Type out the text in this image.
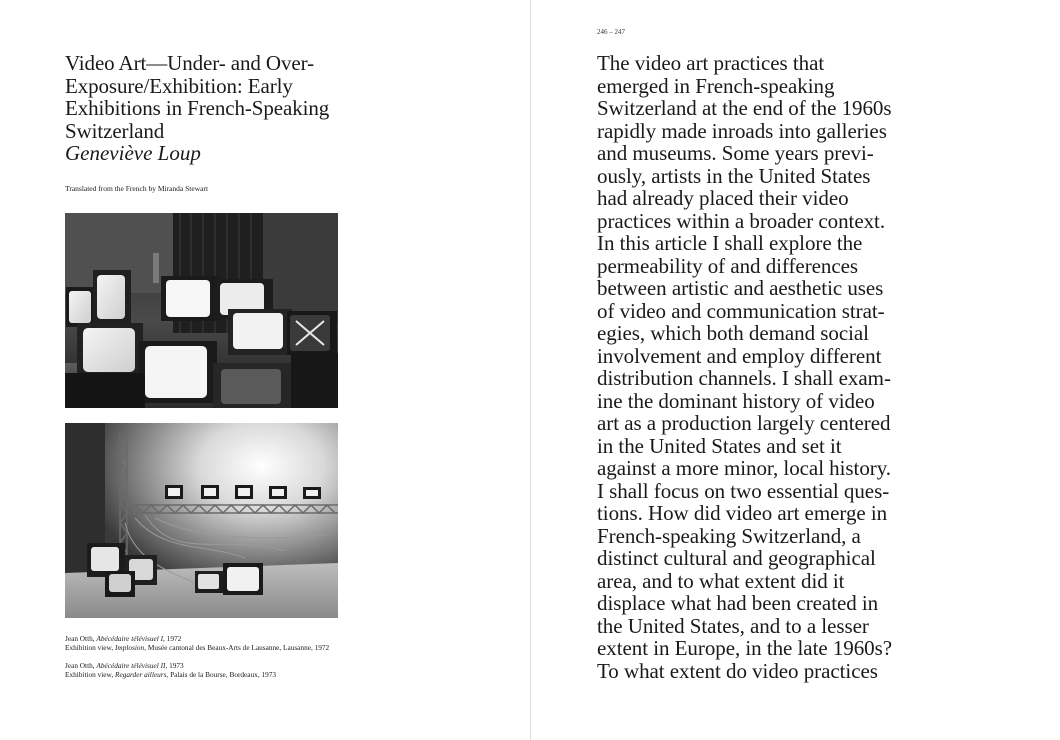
Video Art—Under- and Over-
Exposure/Exhibition: Early
Exhibitions in French-Speaking
Switzerland

Geneviève Loup

Translated from the French by Miranda Stewart

Jean Otth, Abécédaire télévisuel I, 1972
Exhibition view, Implosion, Musée cantonal des Beaux-Arts de Lausanne, Lausanne, 1972

Jean Otth, Abécédaire télévisuel II, 1973
Exhibition view, Regarder ailleurs, Palais de la Bourse, Bordeaux, 1973

246 – 247

The video art practices that
emerged in French-speaking
Switzerland at the end of the 1960s
rapidly made inroads into galleries
and museums. Some years previ-
ously, artists in the United States
had already placed their video
practices within a broader context.
In this article I shall explore the
permeability of and differences
between artistic and aesthetic uses
of video and communication strat-
egies, which both demand social
involvement and employ different
distribution channels. I shall exam-
ine the dominant history of video
art as a production largely centered
in the United States and set it
against a more minor, local history.
I shall focus on two essential ques-
tions. How did video art emerge in
French-speaking Switzerland, a
distinct cultural and geographical
area, and to what extent did it
displace what had been created in
the United States, and to a lesser
extent in Europe, in the late 1960s?
To what extent do video practices
